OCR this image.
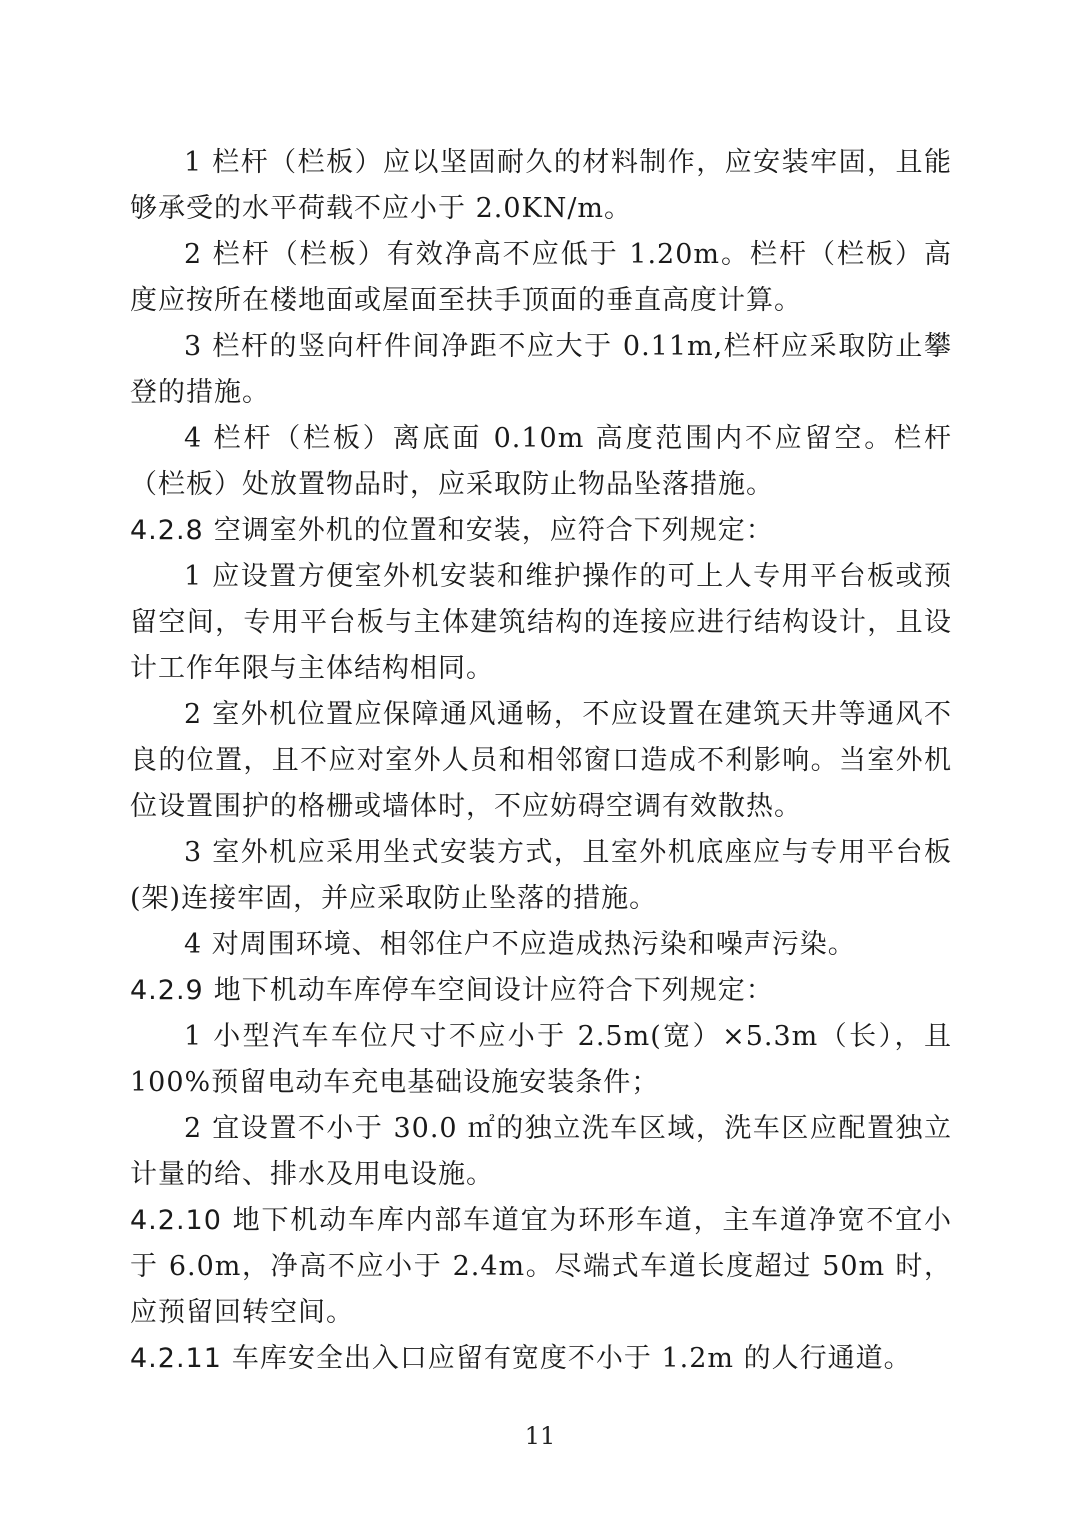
1 栏杆（栏板）应以坚固耐久的材料制作，应安装牢固，且能够承受的水平荷载不应小于 2.0KN/m。

2 栏杆（栏板）有效净高不应低于 1.20m。栏杆（栏板）高度应按所在楼地面或屋面至扶手顶面的垂直高度计算。

3 栏杆的竖向杆件间净距不应大于 0.11m,栏杆应采取防止攀登的措施。

4 栏杆（栏板）离底面 0.10m 高度范围内不应留空。栏杆（栏板）处放置物品时，应采取防止物品坠落措施。

4.2.8 空调室外机的位置和安装，应符合下列规定：

1 应设置方便室外机安装和维护操作的可上人专用平台板或预留空间，专用平台板与主体建筑结构的连接应进行结构设计，且设计工作年限与主体结构相同。

2 室外机位置应保障通风通畅，不应设置在建筑天井等通风不良的位置，且不应对室外人员和相邻窗口造成不利影响。当室外机位设置围护的格栅或墙体时，不应妨碍空调有效散热。

3 室外机应采用坐式安装方式，且室外机底座应与专用平台板(架)连接牢固，并应采取防止坠落的措施。

4 对周围环境、相邻住户不应造成热污染和噪声污染。

4.2.9 地下机动车库停车空间设计应符合下列规定：

1 小型汽车车位尺寸不应小于 2.5m(宽）×5.3m（长），且 100%预留电动车充电基础设施安装条件；

2 宜设置不小于 30.0 ㎡的独立洗车区域，洗车区应配置独立计量的给、排水及用电设施。

4.2.10 地下机动车库内部车道宜为环形车道，主车道净宽不宜小于 6.0m，净高不应小于 2.4m。尽端式车道长度超过 50m 时，应预留回转空间。

4.2.11 车库安全出入口应留有宽度不小于 1.2m 的人行通道。

11
